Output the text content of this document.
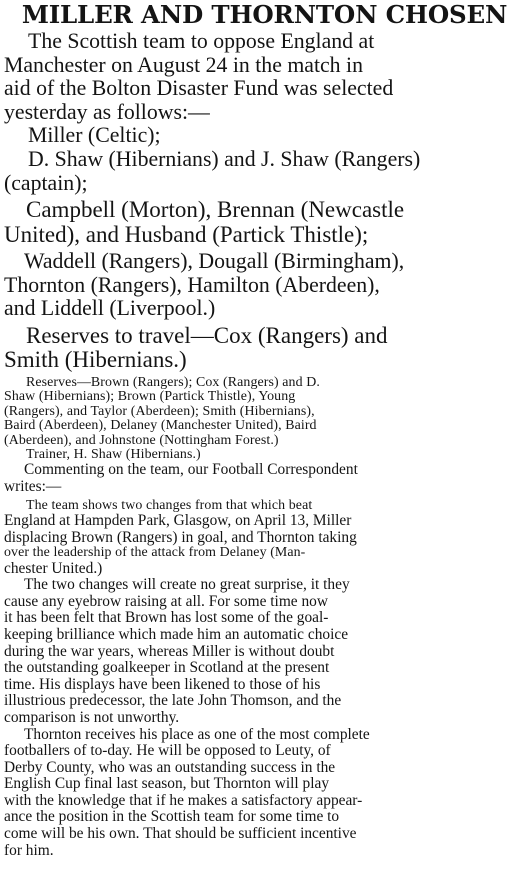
MILLER AND THORNTON CHOSEN
The Scottish team to oppose England at
Manchester on August 24 in the match in
aid of the Bolton Disaster Fund was selected
yesterday as follows:—
Miller (Celtic);
D. Shaw (Hibernians) and J. Shaw (Rangers)
(captain);
Campbell (Morton), Brennan (Newcastle
United), and Husband (Partick Thistle);
Waddell (Rangers), Dougall (Birmingham),
Thornton (Rangers), Hamilton (Aberdeen),
and Liddell (Liverpool.)
Reserves to travel—Cox (Rangers) and
Smith (Hibernians.)
Reserves—Brown (Rangers); Cox (Rangers) and D.
Shaw (Hibernians); Brown (Partick Thistle), Young
(Rangers), and Taylor (Aberdeen); Smith (Hibernians),
Baird (Aberdeen), Delaney (Manchester United), Baird
(Aberdeen), and Johnstone (Nottingham Forest.)
Trainer, H. Shaw (Hibernians.)
Commenting on the team, our Football Correspondent
writes:—
The team shows two changes from that which beat
England at Hampden Park, Glasgow, on April 13, Miller
displacing Brown (Rangers) in goal, and Thornton taking
over the leadership of the attack from Delaney (Man-
chester United.)
The two changes will create no great surprise, it they
cause any eyebrow raising at all. For some time now
it has been felt that Brown has lost some of the goal-
keeping brilliance which made him an automatic choice
during the war years, whereas Miller is without doubt
the outstanding goalkeeper in Scotland at the present
time. His displays have been likened to those of his
illustrious predecessor, the late John Thomson, and the
comparison is not unworthy.
Thornton receives his place as one of the most complete
footballers of to-day. He will be opposed to Leuty, of
Derby County, who was an outstanding success in the
English Cup final last season, but Thornton will play
with the knowledge that if he makes a satisfactory appear-
ance the position in the Scottish team for some time to
come will be his own. That should be sufficient incentive
for him.
